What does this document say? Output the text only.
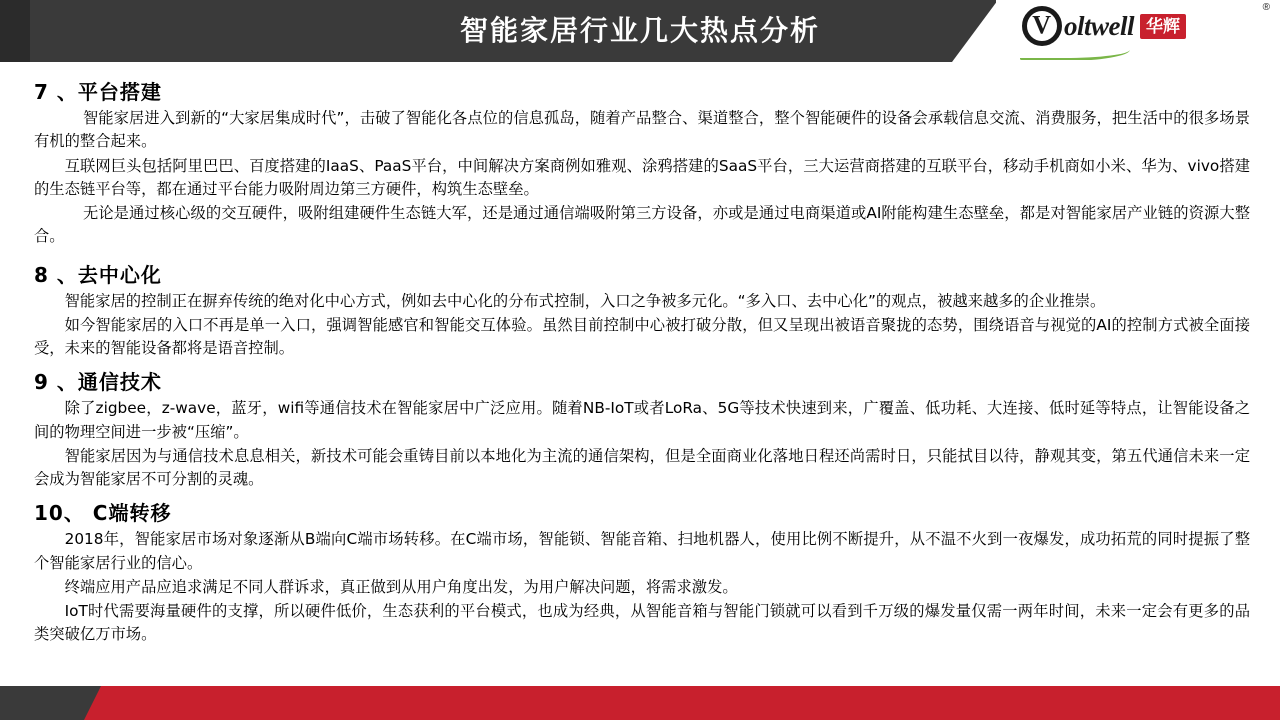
智能家居行业几大热点分析 V	oltwell 华辉
®
7 、平台搭建

智能家居进入到新的“大家居集成时代”，击破了智能化各点位的信息孤岛，随着产品整合、渠道整合，整个智能硬件的设备会承载信息交流、消费服务，把生活中的很多场景有机的整合起来。

互联网巨头包括阿里巴巴、百度搭建的IaaS、PaaS平台，中间解决方案商例如雅观、涂鸦搭建的SaaS平台，三大运营商搭建的互联平台，移动手机商如小米、华为、vivo搭建的生态链平台等，都在通过平台能力吸附周边第三方硬件，构筑生态壁垒。

无论是通过核心级的交互硬件，吸附组建硬件生态链大军，还是通过通信端吸附第三方设备，亦或是通过电商渠道或AI附能构建生态壁垒，都是对智能家居产业链的资源大整合。

8 、去中心化

智能家居的控制正在摒弃传统的绝对化中心方式，例如去中心化的分布式控制，入口之争被多元化。“多入口、去中心化”的观点，被越来越多的企业推崇。

如今智能家居的入口不再是单一入口，强调智能感官和智能交互体验。虽然目前控制中心被打破分散，但又呈现出被语音聚拢的态势，围绕语音与视觉的AI的控制方式被全面接受，未来的智能设备都将是语音控制。

9 、通信技术

除了zigbee，z-wave，蓝牙，wifi等通信技术在智能家居中广泛应用。随着NB-IoT或者LoRa、5G等技术快速到来，广覆盖、低功耗、大连接、低时延等特点，让智能设备之间的物理空间进一步被“压缩”。

智能家居因为与通信技术息息相关，新技术可能会重铸目前以本地化为主流的通信架构，但是全面商业化落地日程还尚需时日，只能拭目以待，静观其变，第五代通信未来一定会成为智能家居不可分割的灵魂。

10、 C端转移

2018年，智能家居市场对象逐渐从B端向C端市场转移。在C端市场，智能锁、智能音箱、扫地机器人，使用比例不断提升，从不温不火到一夜爆发，成功拓荒的同时提振了整个智能家居行业的信心。

终端应用产品应追求满足不同人群诉求，真正做到从用户角度出发，为用户解决问题，将需求激发。

IoT时代需要海量硬件的支撑，所以硬件低价，生态获利的平台模式，也成为经典，从智能音箱与智能门锁就可以看到千万级的爆发量仅需一两年时间，未来一定会有更多的品类突破亿万市场。
